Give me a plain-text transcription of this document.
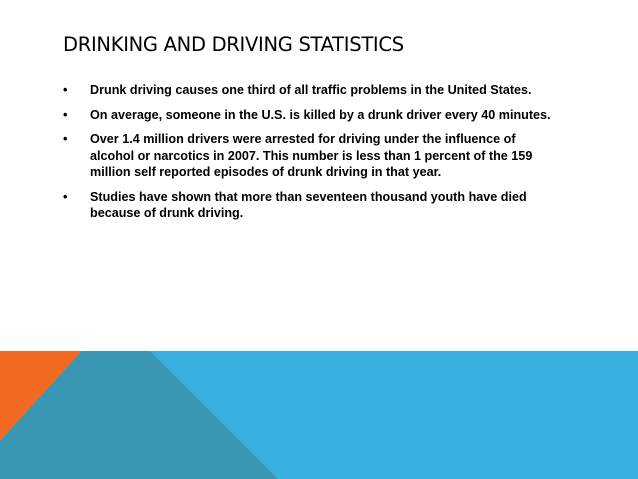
DRINKING AND DRIVING STATISTICS
• Drunk driving causes one third of all traffic problems in the United States.
• On average, someone in the U.S. is killed by a drunk driver every 40 minutes.
• Over 1.4 million drivers were arrested for driving under the influence of alcohol or narcotics in 2007. This number is less than 1 percent of the 159 million self reported episodes of drunk driving in that year.
• Studies have shown that more than seventeen thousand youth have died because of drunk driving.
